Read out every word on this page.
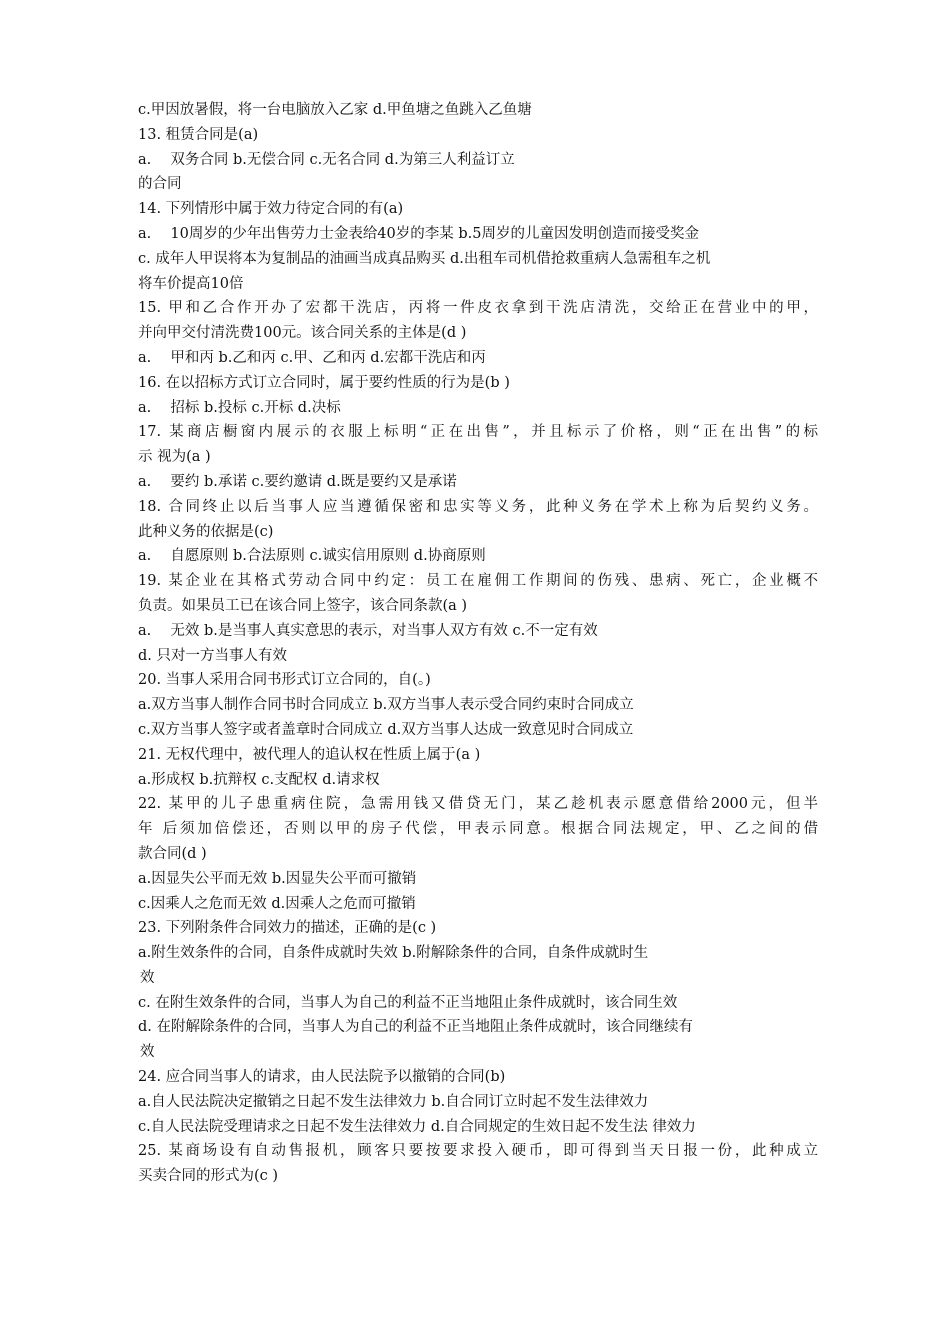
c.甲因放暑假，将一台电脑放入乙家 d.甲鱼塘之鱼跳入乙鱼塘
13. 租赁合同是(a)
a.　 双务合同 b.无偿合同 c.无名合同 d.为第三人利益订立
的合同
14. 下列情形中属于效力待定合同的有(a)
a.　 10周岁的少年出售劳力士金表给40岁的李某 b.5周岁的儿童因发明创造而接受奖金
c. 成年人甲误将本为复制品的油画当成真品购买 d.出租车司机借抢救重病人急需租车之机
将车价提高10倍
15. 甲和乙合作开办了宏都干洗店，丙将一件皮衣拿到干洗店清洗，交给正在营业中的甲，
并向甲交付清洗费100元。该合同关系的主体是(d )
a.　 甲和丙 b.乙和丙 c.甲、乙和丙 d.宏都干洗店和丙
16. 在以招标方式订立合同时，属于要约性质的行为是(b )
a.　 招标 b.投标 c.开标 d.决标
17. 某商店橱窗内展示的衣服上标明“正在出售”，并且标示了价格，则“正在出售”的标
示 视为(a )
a.　 要约 b.承诺 c.要约邀请 d.既是要约又是承诺
18. 合同终止以后当事人应当遵循保密和忠实等义务，此种义务在学术上称为后契约义务。
此种义务的依据是(c)
a.　 自愿原则 b.合法原则 c.诚实信用原则 d.协商原则
19. 某企业在其格式劳动合同中约定：员工在雇佣工作期间的伤残、患病、死亡，企业概不
负责。如果员工已在该合同上签字，该合同条款(a )
a.　 无效 b.是当事人真实意思的表示，对当事人双方有效 c.不一定有效
d. 只对一方当事人有效
20. 当事人采用合同书形式订立合同的，自(。)
a.双方当事人制作合同书时合同成立 b.双方当事人表示受合同约束时合同成立
c.双方当事人签字或者盖章时合同成立 d.双方当事人达成一致意见时合同成立
21. 无权代理中，被代理人的追认权在性质上属于(a )
a.形成权 b.抗辩权 c.支配权 d.请求权
22. 某甲的儿子患重病住院，急需用钱又借贷无门，某乙趁机表示愿意借给2000元，但半
年 后须加倍偿还，否则以甲的房子代偿，甲表示同意。根据合同法规定，甲、乙之间的借
款合同(d )
a.因显失公平而无效 b.因显失公平而可撤销
c.因乘人之危而无效 d.因乘人之危而可撤销
23. 下列附条件合同效力的描述，正确的是(c )
a.附生效条件的合同，自条件成就时失效 b.附解除条件的合同，自条件成就时生
效
c. 在附生效条件的合同，当事人为自己的利益不正当地阻止条件成就时，该合同生效
d. 在附解除条件的合同，当事人为自己的利益不正当地阻止条件成就时，该合同继续有
效
24. 应合同当事人的请求，由人民法院予以撤销的合同(b)
a.自人民法院决定撤销之日起不发生法律效力 b.自合同订立时起不发生法律效力
c.自人民法院受理请求之日起不发生法律效力 d.自合同规定的生效日起不发生法 律效力
25. 某商场设有自动售报机，顾客只要按要求投入硬币，即可得到当天日报一份，此种成立
买卖合同的形式为(c )
